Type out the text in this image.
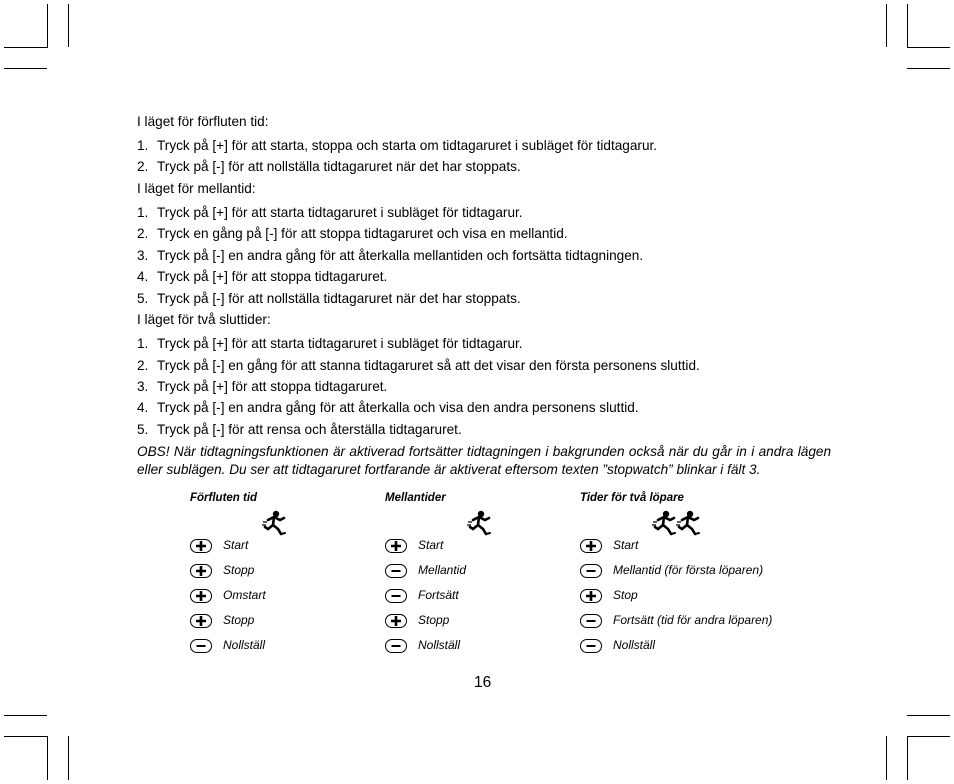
I läget för förfluten tid:
1. Tryck på [+] för att starta, stoppa och starta om tidtagaruret i subläget för tidtagarur.
2. Tryck på [-] för att nollställa tidtagaruret när det har stoppats.
I läget för mellantid:
1. Tryck på [+] för att starta tidtagaruret i subläget för tidtagarur.
2. Tryck en gång på [-] för att stoppa tidtagaruret och visa en mellantid.
3. Tryck på [-] en andra gång för att återkalla mellantiden och fortsätta tidtagningen.
4. Tryck på [+] för att stoppa tidtagaruret.
5. Tryck på [-] för att nollställa tidtagaruret när det har stoppats.
I läget för två sluttider:
1. Tryck på [+] för att starta tidtagaruret i subläget för tidtagarur.
2. Tryck på [-] en gång för att stanna tidtagaruret så att det visar den första personens sluttid.
3. Tryck på [+] för att stoppa tidtagaruret.
4. Tryck på [-] en andra gång för att återkalla och visa den andra personens sluttid.
5. Tryck på [-] för att rensa och återställa tidtagaruret.
OBS! När tidtagningsfunktionen är aktiverad fortsätter tidtagningen i bakgrunden också när du går in i andra lägen eller sublägen. Du ser att tidtagaruret fortfarande är aktiverat eftersom texten ”stopwatch” blinkar i fält 3.
Förfluten tid
Start
Stopp
Omstart
Stopp
Nollställ
Mellantider
Start
Mellantid
Fortsätt
Stopp
Nollställ
Tider för två löpare
Start
Mellantid (för första löparen)
Stop
Fortsätt (tid för andra löparen)
Nollställ
16
